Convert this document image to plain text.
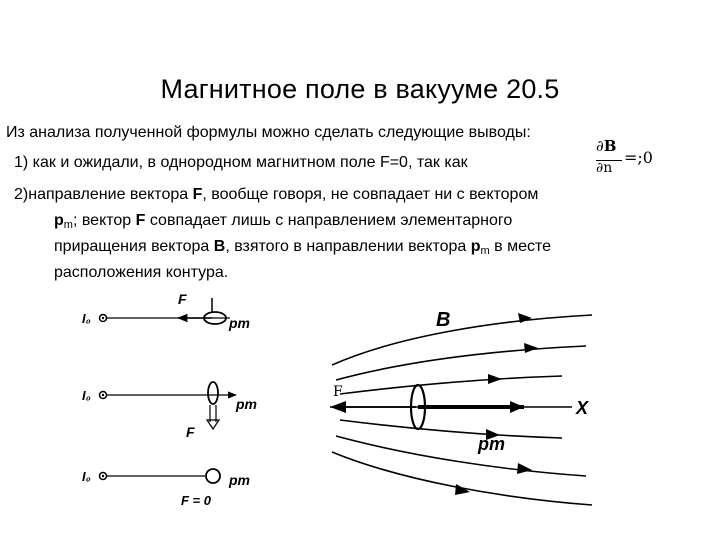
Магнитное поле в вакууме 20.5
Из анализа полученной формулы можно сделать следующие выводы:
1) как и ожидали, в однородном магнитном поле F=0, так как
∂B
∂n
=;0
2)направление вектора F, вообще говоря, не совпадает ни с вектором
$p_m$; вектор F совпадает лишь с направлением элементарного
приращения вектора B, взятого в направлении вектора $p_m$ в месте
расположения контура.
I₀
F
pm
I₀
F
pm
I₀	pm
F = 0
B
F
X
pm
